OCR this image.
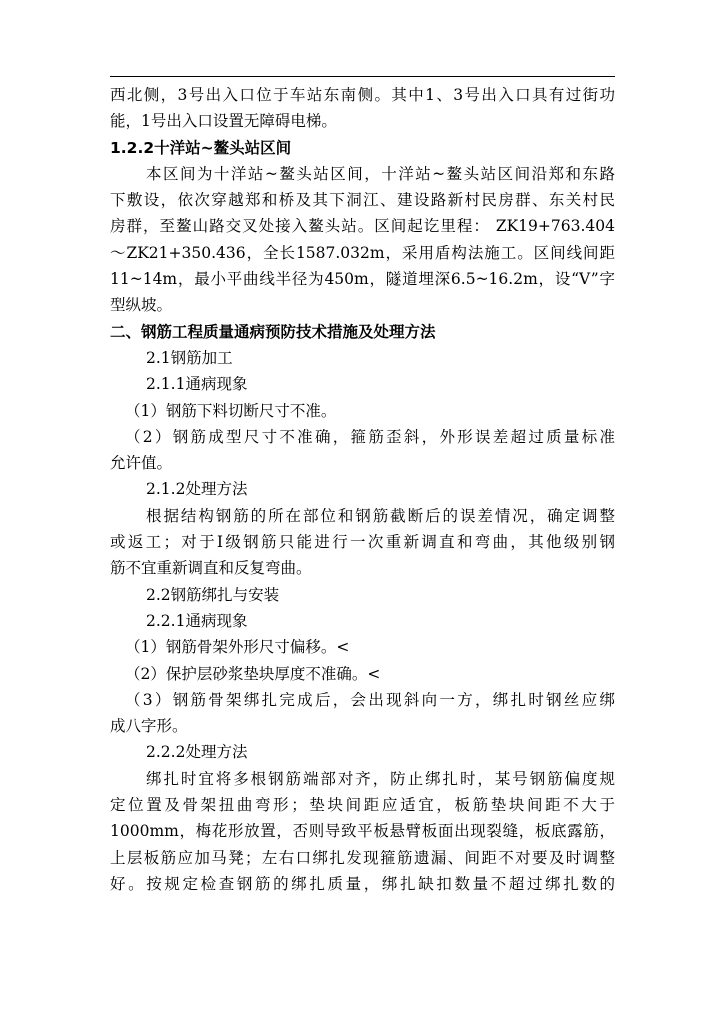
西北侧，3号出入口位于车站东南侧。其中1、3号出入口具有过街功
能，1号出入口设置无障碍电梯。
1.2.2十洋站~鳌头站区间
本区间为十洋站~鳌头站区间，十洋站~鳌头站区间沿郑和东路
下敷设，依次穿越郑和桥及其下洞江、建设路新村民房群、东关村民
房群，至鳌山路交叉处接入鳌头站。区间起讫里程： ZK19+763.404
～ZK21+350.436，全长1587.032m，采用盾构法施工。区间线间距
11~14m，最小平曲线半径为450m，隧道埋深6.5~16.2m，设“V”字
型纵坡。
二、钢筋工程质量通病预防技术措施及处理方法
2.1钢筋加工
2.1.1通病现象
（1）钢筋下料切断尺寸不准。
（2）钢筋成型尺寸不准确，箍筋歪斜，外形误差超过质量标准
允许值。
2.1.2处理方法
根据结构钢筋的所在部位和钢筋截断后的误差情况，确定调整
或返工；对于Ⅰ级钢筋只能进行一次重新调直和弯曲，其他级别钢
筋不宜重新调直和反复弯曲。
2.2钢筋绑扎与安装
2.2.1通病现象
（1）钢筋骨架外形尺寸偏移。<
（2）保护层砂浆垫块厚度不准确。<
（3）钢筋骨架绑扎完成后，会出现斜向一方，绑扎时钢丝应绑
成八字形。
2.2.2处理方法
绑扎时宜将多根钢筋端部对齐，防止绑扎时，某号钢筋偏度规
定位置及骨架扭曲弯形；垫块间距应适宜，板筋垫块间距不大于
1000mm，梅花形放置，否则导致平板悬臂板面出现裂缝，板底露筋，
上层板筋应加马凳；左右口绑扎发现箍筋遗漏、间距不对要及时调整
好。按规定检查钢筋的绑扎质量，绑扎缺扣数量不超过绑扎数的
